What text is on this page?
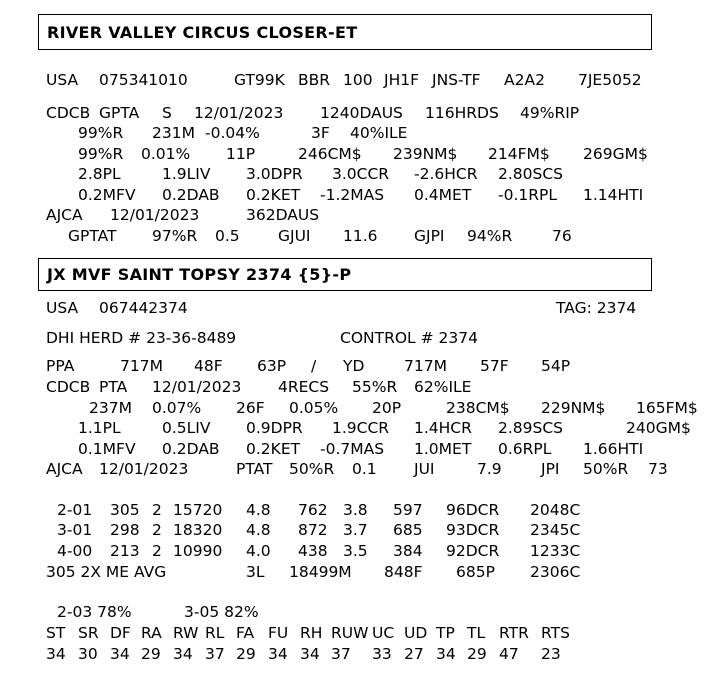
RIVER VALLEY CIRCUS CLOSER-ET
USA 075341010	GT99K BBR 100 JH1F JNS-TF A2A2 7JE5052
CDCB GPTA S 12/01/2023 1240DAUS 116HRDS 49%RIP
99%R 231M -0.04%	3F 40%ILE
99%R 0.01% 11P	246CM$ 239NM$ 214FM$ 269GM$
2.8PL	1.9LIV 3.0DPR 3.0CCR -2.6HCR 2.80SCS
0.2MFV 0.2DAB 0.2KET -1.2MAS 0.4MET -0.1RPL 1.14HTI
AJCA 12/01/2023	362DAUS
GPTAT 97%R 0.5 GJUI 11.6 GJPI 94%R	76
JX MVF SAINT TOPSY 2374 {5}-P
USA 067442374	TAG: 2374
DHI HERD # 23-36-8489	CONTROL # 2374
PPA	717M 48F 63P / YD	717M 57F 54P
CDCB PTA 12/01/2023 4RECS 55%R 62%ILE
237M 0.07% 26F 0.05% 20P	238CM$ 229NM$ 165FM$
1.1PL	0.5LIV 0.9DPR 1.9CCR 1.4HCR 2.89SCS	240GM$
0.1MFV 0.2DAB 0.2KET -0.7MAS 1.0MET 0.6RPL 1.66HTI
AJCA 12/01/2023	PTAT 50%R 0.1 JUI	7.9	JPI 50%R 73
2-01 305 2 15720 4.8 762 3.8 597 96DCR 2048C
3-01 298 2 18320 4.8 872 3.7 685 93DCR 2345C
4-00 213 2 10990 4.0 438 3.5 384 92DCR 1233C
305 2X ME AVG	3L 18499M 848F 685P 2306C
2-03 78%	3-05 82%
ST SR DF RA RW RL FA FU RH RUW UC UD TP TL RTR RTS
34 30 34 29 34 37 29 34 34 37 33 27 34 29 47 23
